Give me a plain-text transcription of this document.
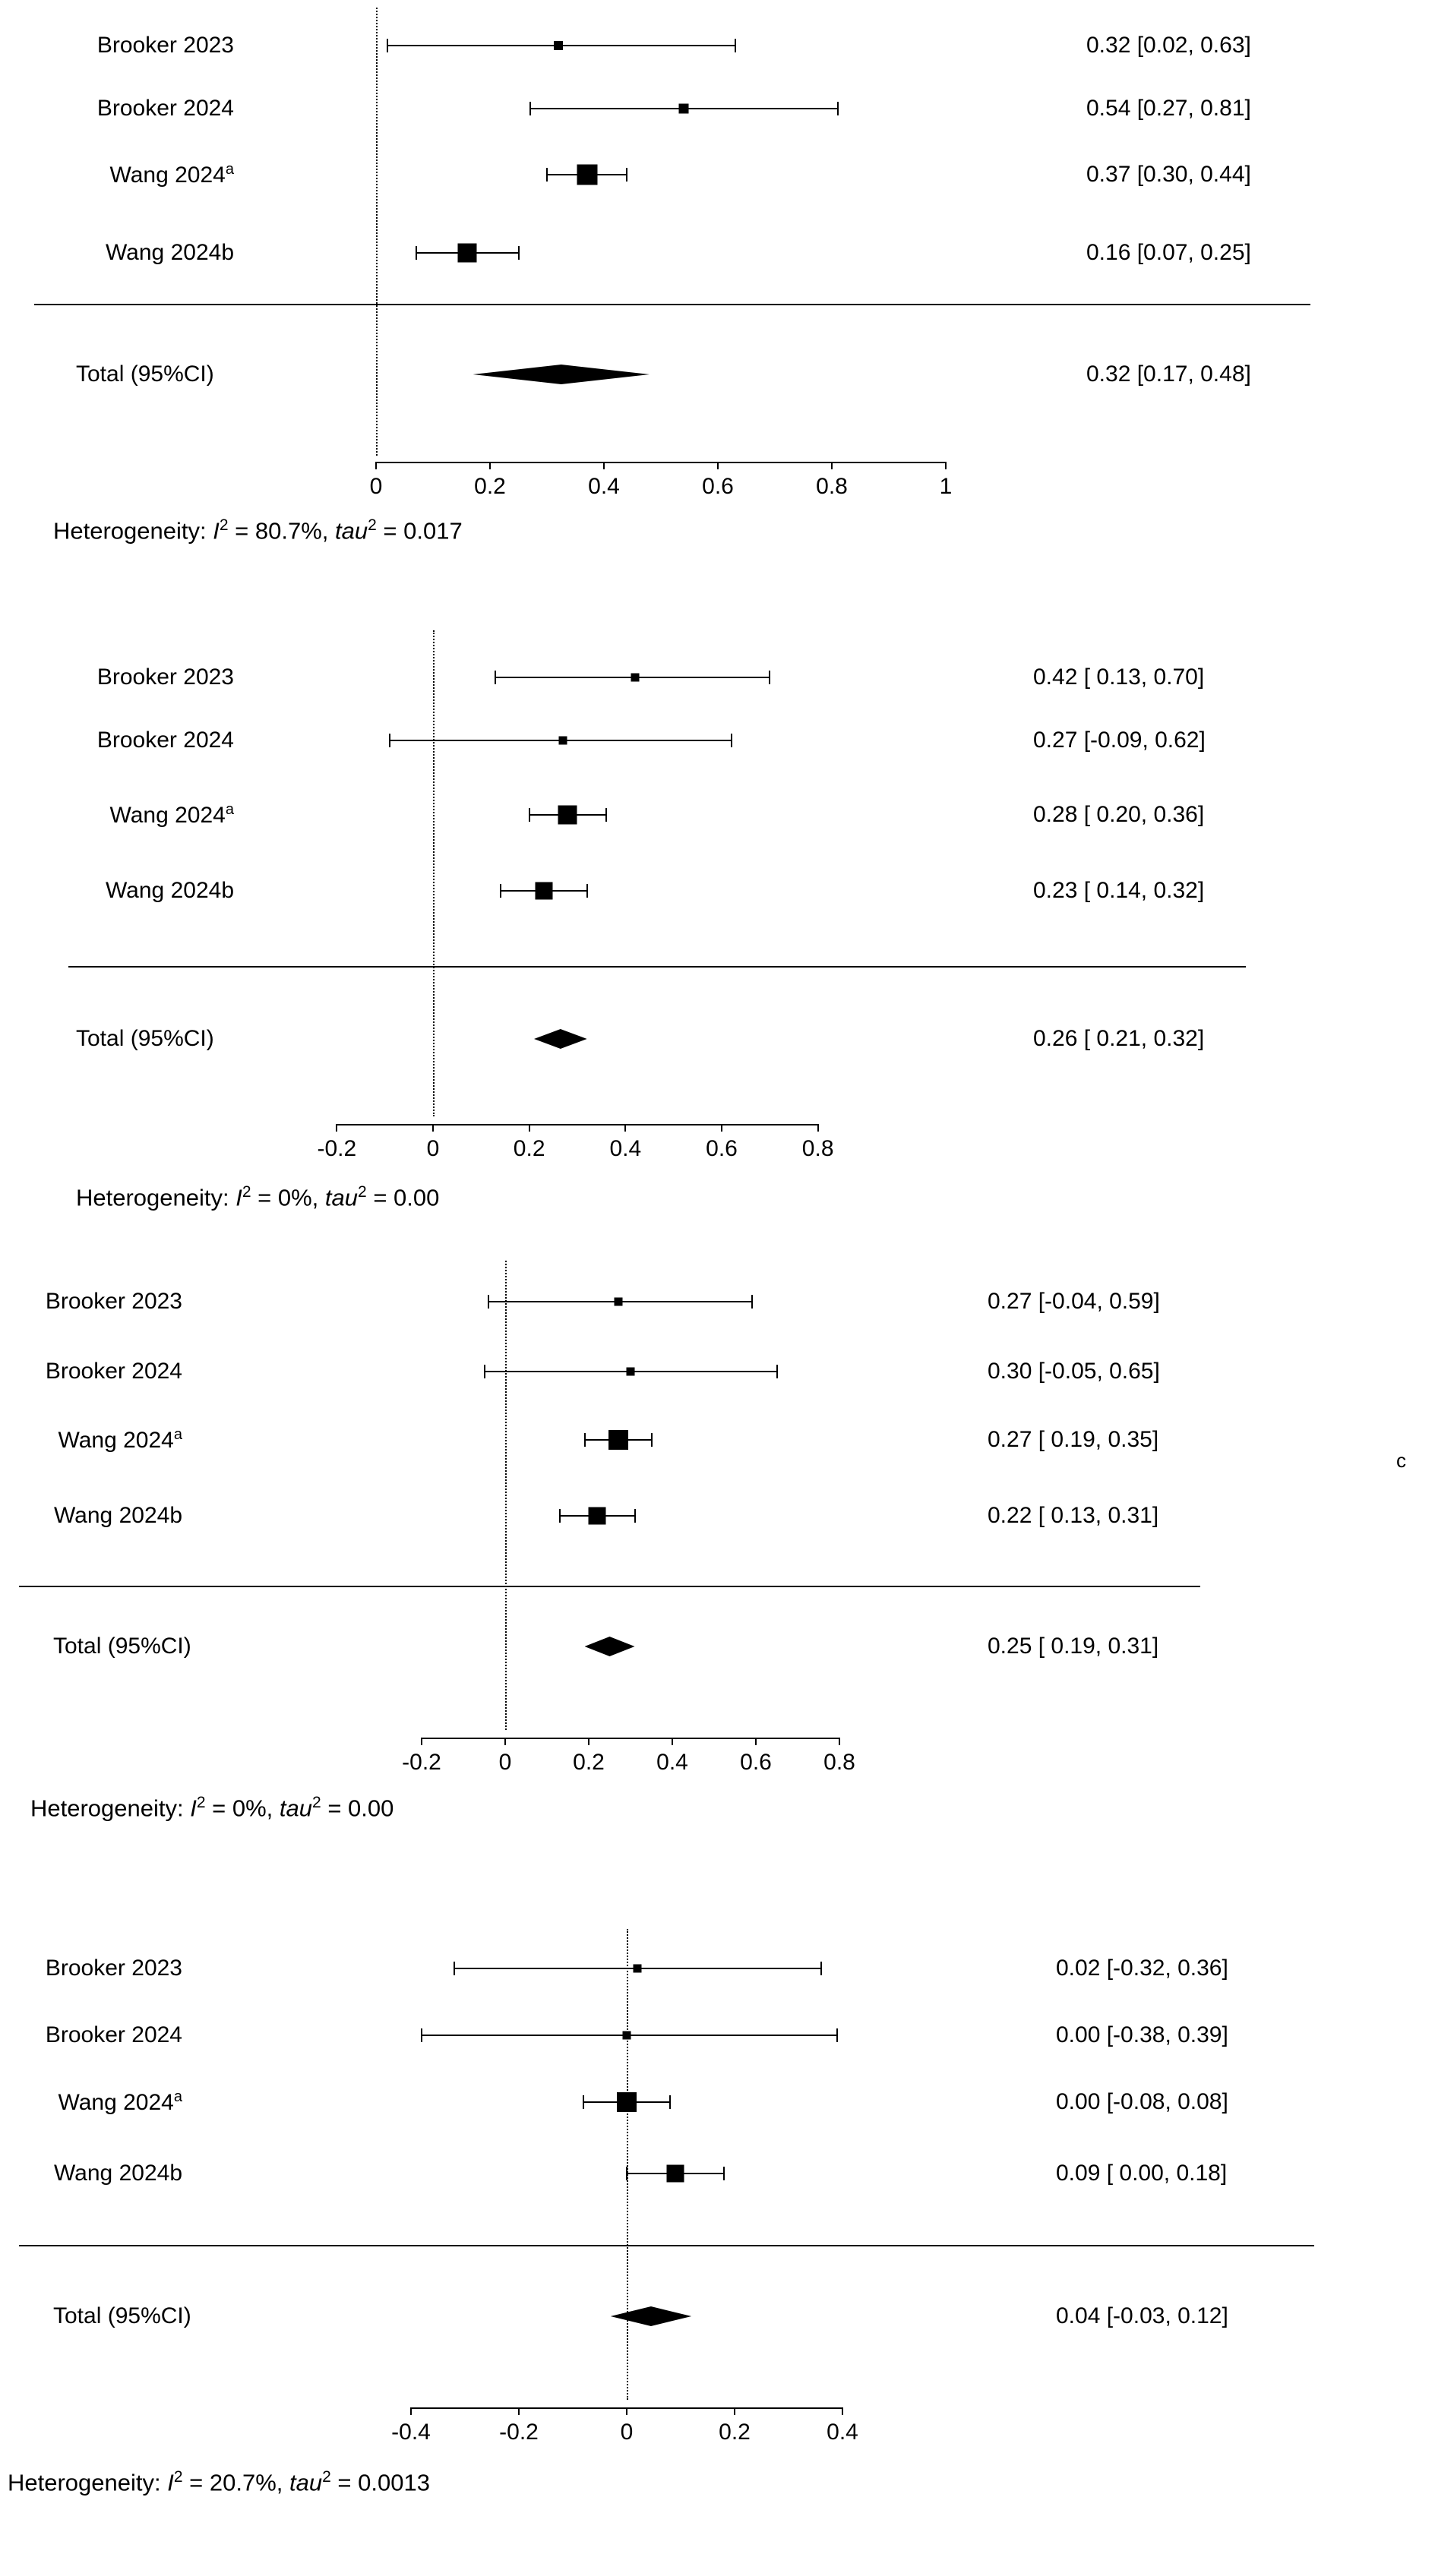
c
Brooker 2023	0.32 [0.02, 0.63]
Brooker 2024	0.54 [0.27, 0.81]
Wang 2024$^a$	0.37 [0.30, 0.44]
Wang 2024b	0.16 [0.07, 0.25]
Total (95%CI)	0.32 [0.17, 0.48]
0	0.2	0.4	0.6	0.8	1
Heterogeneity: $I^2 = 80.7\%$, tau$^2$ = 0.017
Brooker 2023	0.42 [ 0.13, 0.70]
Brooker 2024	0.27 [-0.09, 0.62]
Wang 2024$^a$	0.28 [ 0.20, 0.36]
Wang 2024b	0.23 [ 0.14, 0.32]
Total (95%CI)	0.26 [ 0.21, 0.32]
-0.2	0	0.2	0.4	0.6	0.8
Heterogeneity: $I^2 = 0\%$, tau$^2$ = 0.00
Brooker 2023	0.27 [-0.04, 0.59]
Brooker 2024	0.30 [-0.05, 0.65]
Wang 2024$^a$	0.27 [ 0.19, 0.35]
Wang 2024b	0.22 [ 0.13, 0.31]
Total (95%CI)	0.25 [ 0.19, 0.31]
-0.2	0	0.2 0.4 0.6 0.8
Heterogeneity: $I^2 = 0\%$, tau$^2$ = 0.00
Brooker 2023	0.02 [-0.32, 0.36]
Brooker 2024	0.00 [-0.38, 0.39]
Wang 2024$^a$	0.00 [-0.08, 0.08]
Wang 2024b	0.09 [ 0.00, 0.18]
Total (95%CI)	0.04 [-0.03, 0.12]
-0.4	-0.2	0	0.2	0.4
Heterogeneity: $I^2 = 20.7\%$, tau$^2$ = 0.0013
